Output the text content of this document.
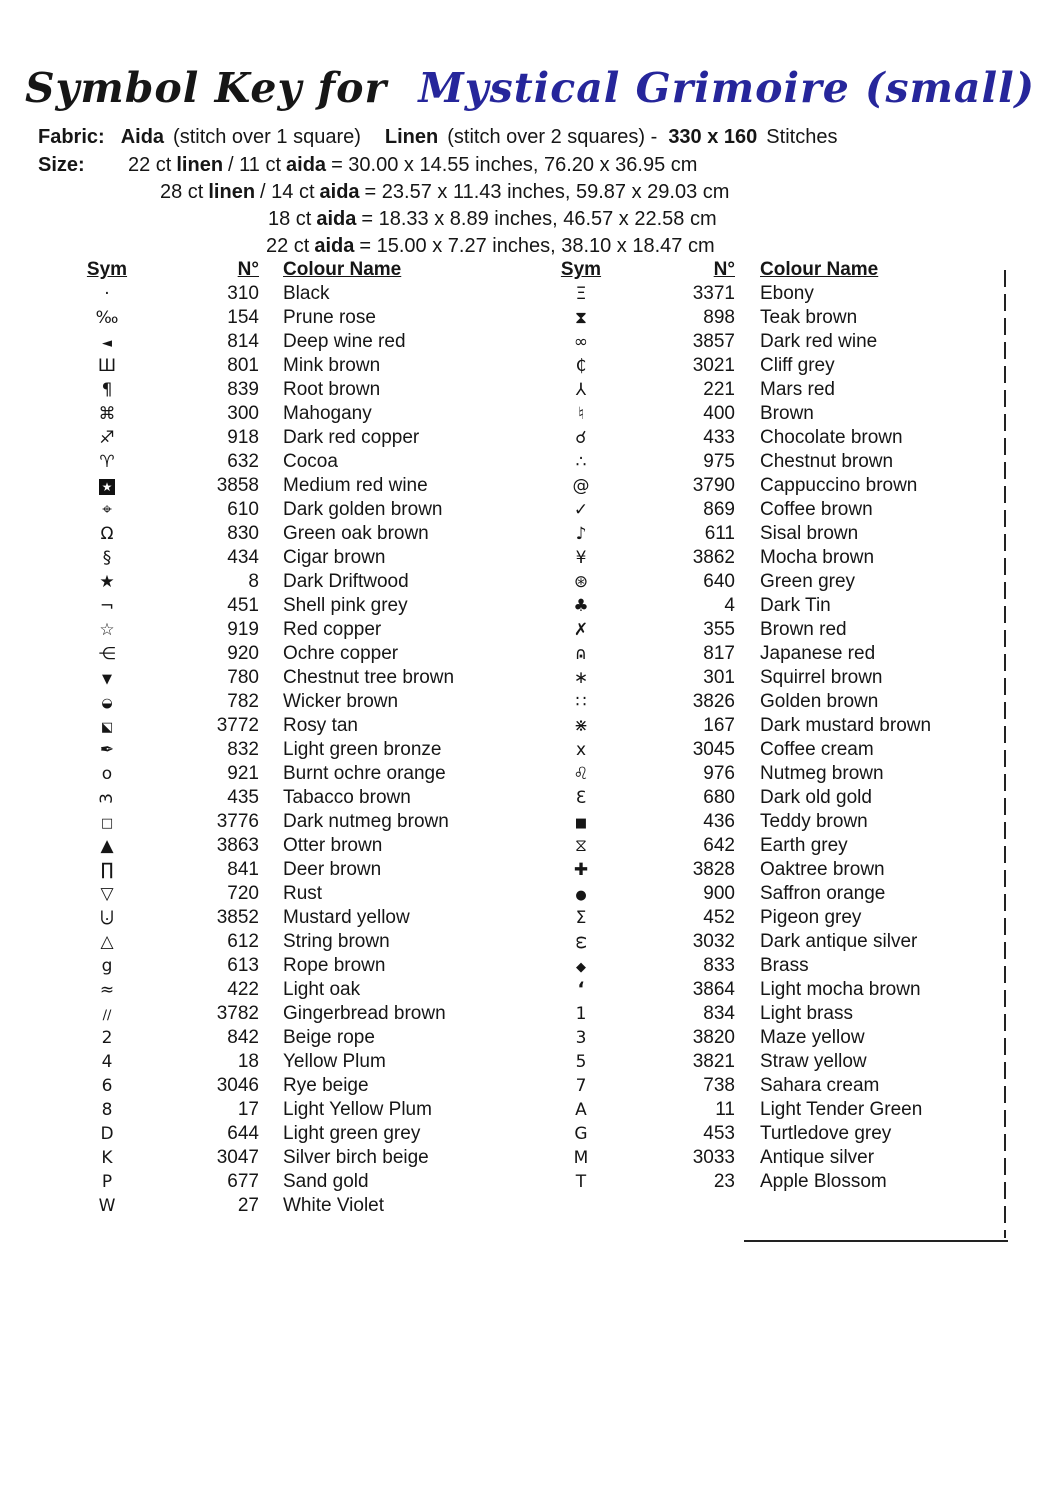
Symbol Key for Mystical Grimoire (small)
Fabric: Aida (stitch over 1 square) Linen (stitch over 2 squares) - 330 x 160 Stitches
Size:	22 ct linen / 11 ct aida = 30.00 x 14.55 inches, 76.20 x 36.95 cm
28 ct linen / 14 ct aida = 23.57 x 11.43 inches, 59.87 x 29.03 cm
18 ct aida = 18.33 x 8.89 inches, 46.57 x 22.58 cm
22 ct aida = 15.00 x 7.27 inches, 38.10 x 18.47 cm
Sym	N° Colour Name
·	310 Black
‰	154 Prune rose
◄	814 Deep wine red
Ш	801 Mink brown
¶	839 Root brown
⌘	300 Mahogany
♐	918 Dark red copper
♈	632 Cocoa
★	3858 Medium red wine
⌖	610 Dark golden brown
Ω	830 Green oak brown
§	434 Cigar brown
★	8 Dark Driftwood
¬	451 Shell pink grey
☆	919 Red copper
⋲	920 Ochre copper
▼	780 Chestnut tree brown
◒	782 Wicker brown
◪	3772 Rosy tan
✒	832 Light green bronze
o	921 Burnt ochre orange
3	435 Tabacco brown
□	3776 Dark nutmeg brown
▲	3863 Otter brown
∏	841 Deer brown
▽	720 Rust
⨃	3852 Mustard yellow
△	612 String brown
g	613 Rope brown
≈	422 Light oak
∕∕	3782 Gingerbread brown
2	842 Beige rope
4	18 Yellow Plum
6	3046 Rye beige
8	17 Light Yellow Plum
D	644 Light green grey
K	3047 Silver birch beige
P	677 Sand gold
W	27 White Violet
Sym	N° Colour Name
Ξ	3371 Ebony
⧗	898 Teak brown
∞	3857 Dark red wine
₵	3021 Cliff grey
⅄	221 Mars red
♮	400 Brown
☌	433 Chocolate brown
∴	975 Chestnut brown
@	3790 Cappuccino brown
✓	869 Coffee brown
♪	611 Sisal brown
¥	3862 Mocha brown
⊛	640 Green grey
♣	4 Dark Tin
✗	355 Brown red
∩ ·	817 Japanese red
∗	301 Squirrel brown
∷	3826 Golden brown
⋇	167 Dark mustard brown
x	3045 Coffee cream
♌	976 Nutmeg brown
Ɛ	680 Dark old gold
■	436 Teddy brown
⧖	642 Earth grey
✚	3828 Oaktree brown
●	900 Saffron orange
Σ	452 Pigeon grey
ω	3032 Dark antique silver
◆	833 Brass
‘	3864 Light mocha brown
1	834 Light brass
3	3820 Maze yellow
5	3821 Straw yellow
7	738 Sahara cream
A	11 Light Tender Green
G	453 Turtledove grey
M	3033 Antique silver
T	23 Apple Blossom
